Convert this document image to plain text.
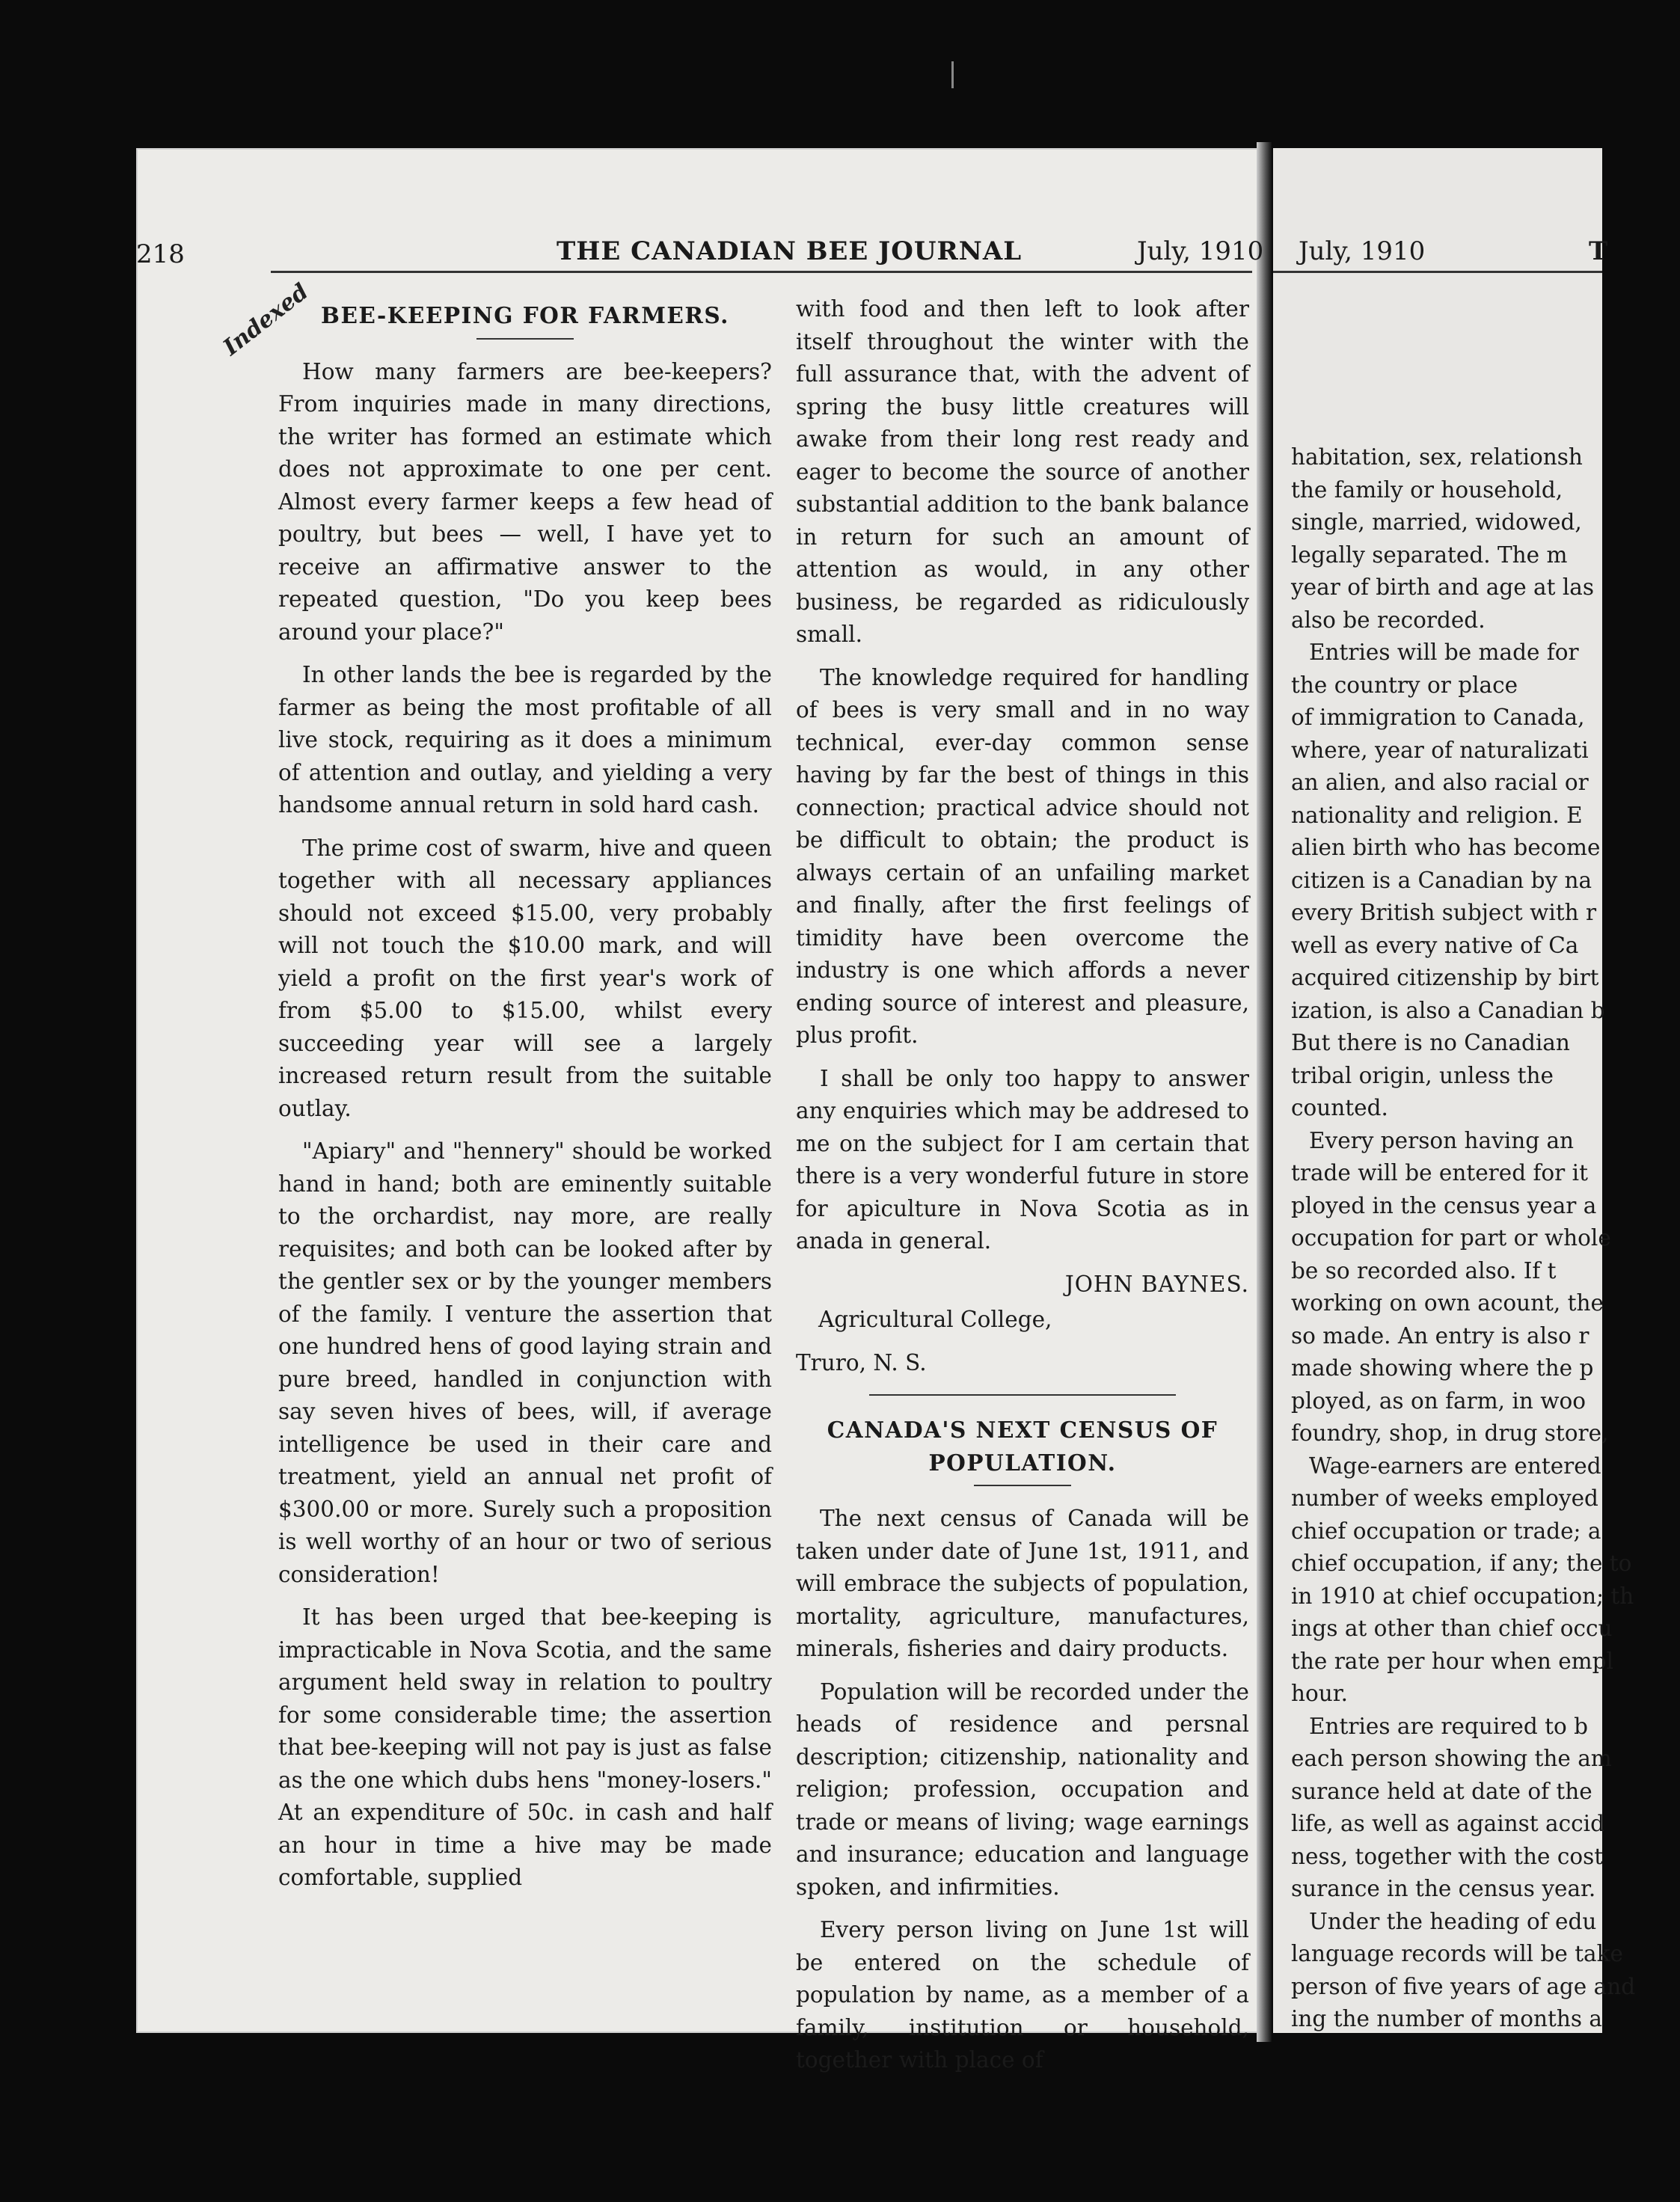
218	THE CANADIAN BEE JOURNAL	July, 1910
Indexed BEE-KEEPING FOR FARMERS.

How many farmers are bee-keepers? From inquiries made in many directions, the writer has formed an estimate which does not approximate to one per cent. Almost every farmer keeps a few head of poultry, but bees — well, I have yet to receive an affirmative answer to the repeated question, "Do you keep bees around your place?"

In other lands the bee is regarded by the farmer as being the most profitable of all live stock, requiring as it does a minimum of attention and outlay, and yielding a very handsome annual return in sold hard cash.

The prime cost of swarm, hive and queen together with all necessary appliances should not exceed $15.00, very probably will not touch the $10.00 mark, and will yield a profit on the first year's work of from $5.00 to $15.00, whilst every succeeding year will see a largely increased return result from the suitable outlay.

"Apiary" and "hennery" should be worked hand in hand; both are eminently suitable to the orchardist, nay more, are really requisites; and both can be looked after by the gentler sex or by the younger members of the family. I venture the assertion that one hundred hens of good laying strain and pure breed, handled in conjunction with say seven hives of bees, will, if average intelligence be used in their care and treatment, yield an annual net profit of $300.00 or more. Surely such a proposition is well worthy of an hour or two of serious consideration!

It has been urged that bee-keeping is impracticable in Nova Scotia, and the same argument held sway in relation to poultry for some considerable time; the assertion that bee-keeping will not pay is just as false as the one which dubs hens "money-losers." At an expenditure of 50c. in cash and half an hour in time a hive may be made comfortable, supplied

with food and then left to look after itself throughout the winter with the full assurance that, with the advent of spring the busy little creatures will awake from their long rest ready and eager to become the source of another substantial addition to the bank balance in return for such an amount of attention as would, in any other business, be regarded as ridiculously small.

The knowledge required for handling of bees is very small and in no way technical, ever-day common sense having by far the best of things in this connection; practical advice should not be difficult to obtain; the product is always certain of an unfailing market and finally, after the first feelings of timidity have been overcome the industry is one which affords a never ending source of interest and pleasure, plus profit.

I shall be only too happy to answer any enquiries which may be addresed to me on the subject for I am certain that there is a very wonderful future in store for apiculture in Nova Scotia as in anada in general.

JOHN BAYNES.

Agricultural College,

Truro, N. S.

CANADA'S NEXT CENSUS OF
POPULATION.

The next census of Canada will be taken under date of June 1st, 1911, and will embrace the subjects of population, mortality, agriculture, manufactures, minerals, fisheries and dairy products.

Population will be recorded under the heads of residence and persnal description; citizenship, nationality and religion; profession, occupation and trade or means of living; wage earnings and insurance; education and language spoken, and infirmities.

Every person living on June 1st will be entered on the schedule of population by name, as a member of a family, institution or household, together with place of

July, 1910	T
habitation, sex, relationsh
the family or household,
single, married, widowed,
legally separated. The m
year of birth and age at las
also be recorded.
Entries will be made for
the country or place
of immigration to Canada,
where, year of naturalizati
an alien, and also racial or
nationality and religion. E
alien birth who has become
citizen is a Canadian by na
every British subject with r
well as every native of Ca
acquired citizenship by birt
ization, is also a Canadian b
But there is no Canadian
tribal origin, unless the
counted.
Every person having an
trade will be entered for it
ployed in the census year a
occupation for part or whole
be so recorded also. If t
working on own acount, the
so made. An entry is also r
made showing where the p
ployed, as on farm, in woo
foundry, shop, in drug store,
Wage-earners are entered
number of weeks employed
chief occupation or trade; a
chief occupation, if any; the to
in 1910 at chief occupation; th
ings at other than chief occu
the rate per hour when empl
hour.
Entries are required to b
each person showing the am
surance held at date of the
life, as well as against accid
ness, together with the cost
surance in the census year.
Under the heading of edu
language records will be take
person of five years of age and
ing the number of months a
